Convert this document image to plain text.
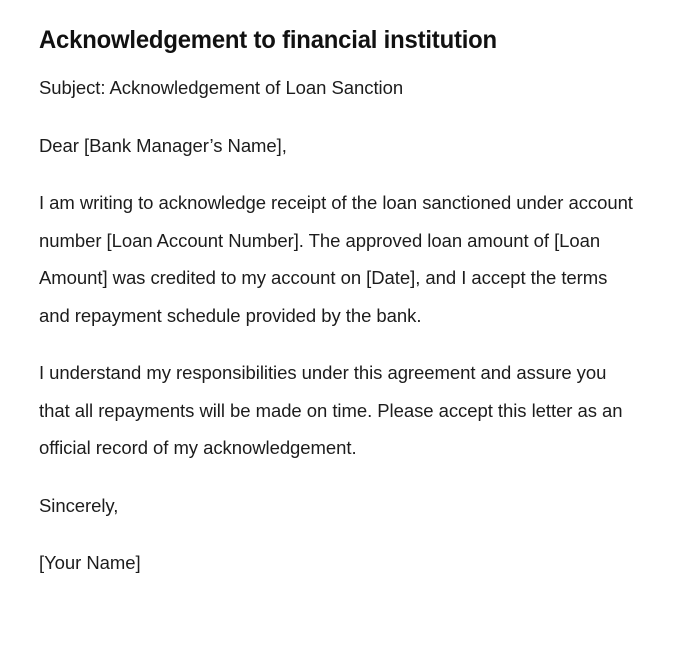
Acknowledgement to financial institution

Subject: Acknowledgement of Loan Sanction

Dear [Bank Manager’s Name],

I am writing to acknowledge receipt of the loan sanctioned under account number [Loan Account Number]. The approved loan amount of [Loan Amount] was credited to my account on [Date], and I accept the terms and repayment schedule provided by the bank.

I understand my responsibilities under this agreement and assure you that all repayments will be made on time. Please accept this letter as an official record of my acknowledgement.

Sincerely,

[Your Name]
